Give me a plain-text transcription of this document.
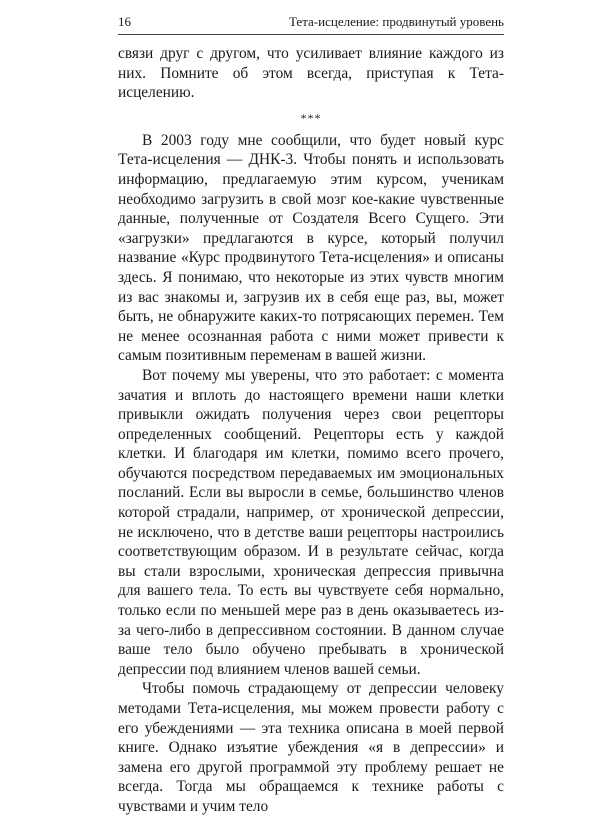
16	Тета-исцеление: продвинутый уровень

связи друг с другом, что усиливает влияние каждого из них. Помните об этом всегда, приступая к Тета-исцелению.

***

В 2003 году мне сообщили, что будет новый курс Тета-исцеления — ДНК-3. Чтобы понять и использовать информацию, предлагаемую этим курсом, ученикам необходимо загрузить в свой мозг кое-какие чувственные данные, полученные от Создателя Всего Сущего. Эти «загрузки» предлагаются в курсе, который получил название «Курс продвинутого Тета-исцеления» и описаны здесь. Я понимаю, что некоторые из этих чувств многим из вас знакомы и, загрузив их в себя еще раз, вы, может быть, не обнаружите каких-то потрясающих перемен. Тем не менее осознанная работа с ними может привести к самым позитивным переменам в вашей жизни.

Вот почему мы уверены, что это работает: с момента зачатия и вплоть до настоящего времени наши клетки привыкли ожидать получения через свои рецепторы определенных сообщений. Рецепторы есть у каждой клетки. И благодаря им клетки, помимо всего прочего, обучаются посредством передаваемых им эмоциональных посланий. Если вы выросли в семье, большинство членов которой страдали, например, от хронической депрессии, не исключено, что в детстве ваши рецепторы настроились соответствующим образом. И в результате сейчас, когда вы стали взрослыми, хроническая депрессия привычна для вашего тела. То есть вы чувствуете себя нормально, только если по меньшей мере раз в день оказываетесь из-за чего-либо в депрессивном состоянии. В данном случае ваше тело было обучено пребывать в хронической депрессии под влиянием членов вашей семьи.

Чтобы помочь страдающему от депрессии человеку методами Тета-исцеления, мы можем провести работу с его убеждениями — эта техника описана в моей первой книге. Однако изъятие убеждения «я в депрессии» и замена его другой программой эту проблему решает не всегда. Тогда мы обращаемся к технике работы с чувствами и учим тело
